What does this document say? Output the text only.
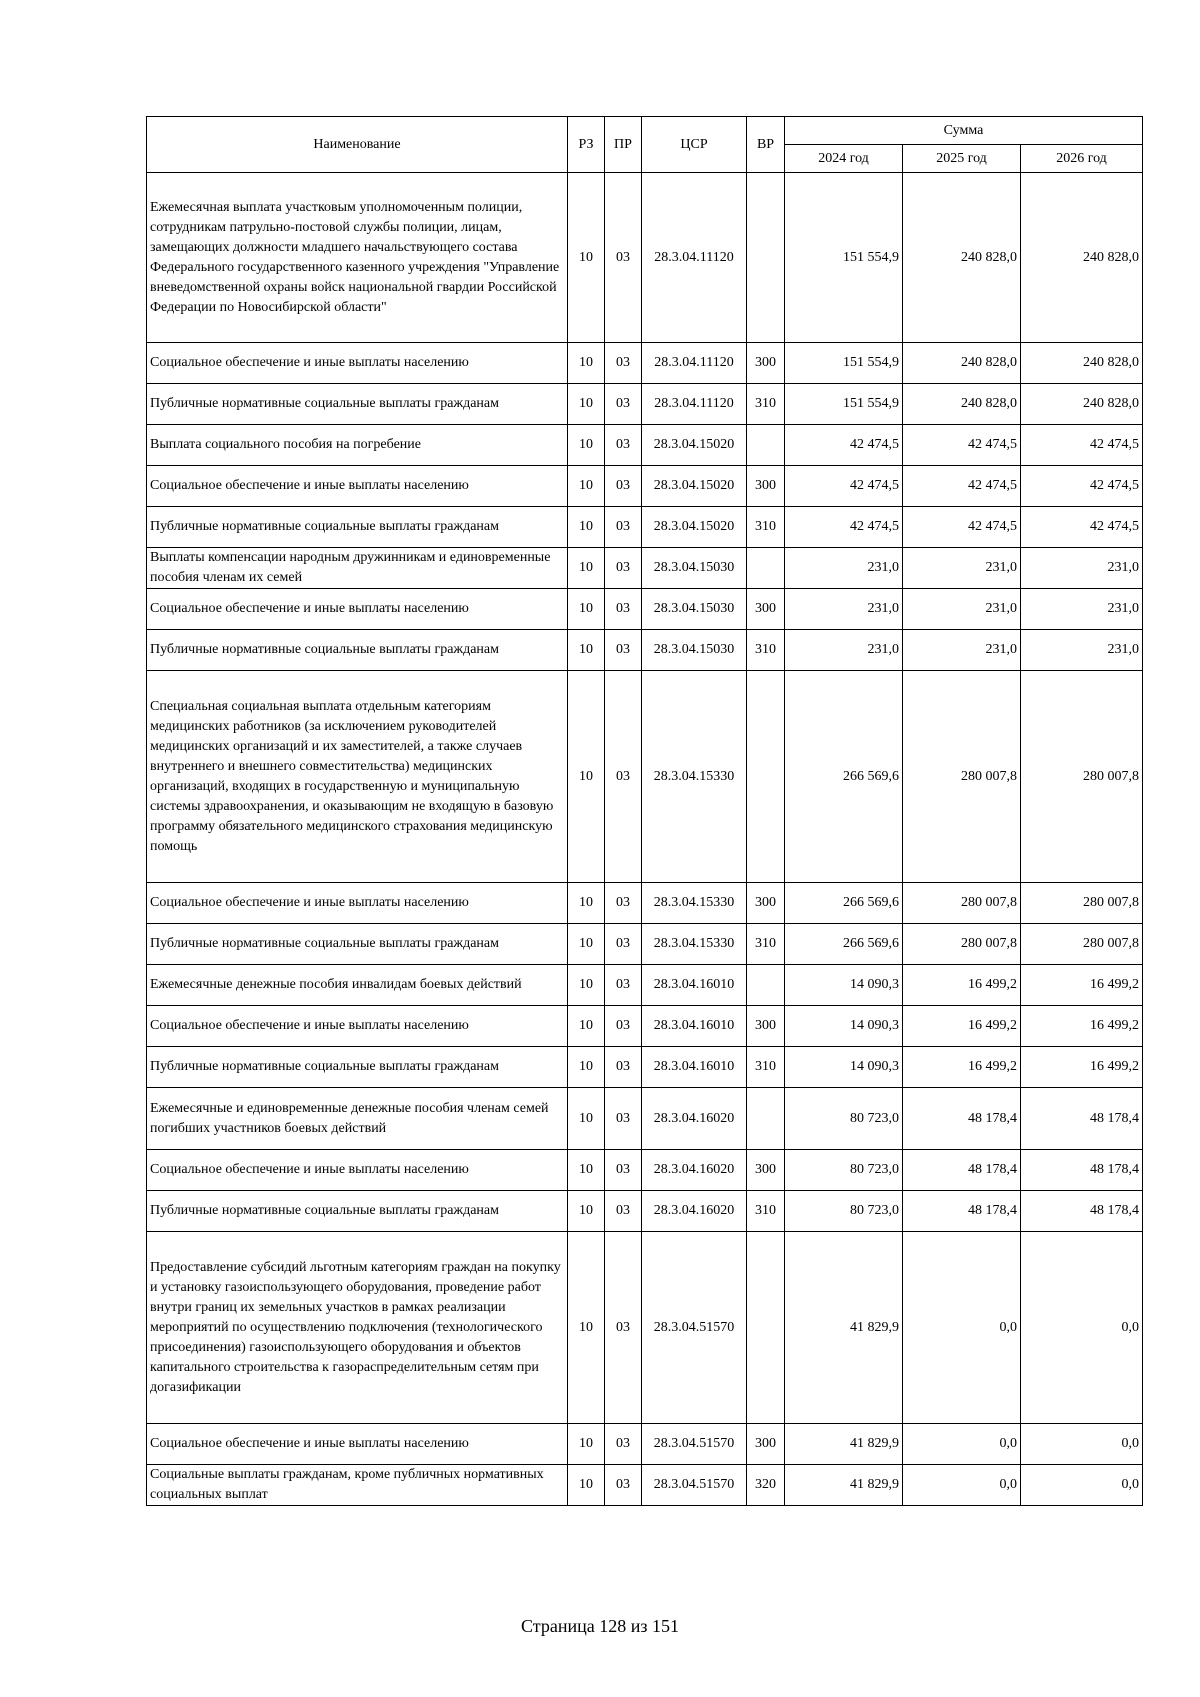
Наименование	РЗ	ПР	ЦСР	ВР	Сумма		
					2024 год	2025 год	2026 год
Ежемесячная выплата участковым уполномоченным полиции, сотрудникам патрульно-постовой службы полиции, лицам, замещающих должности младшего начальствующего состава Федерального государственного казенного учреждения "Управление вневедомственной охраны войск национальной гвардии Российской Федерации по Новосибирской области"	10	03	28.3.04.11120		151 554,9	240 828,0	240 828,0
Социальное обеспечение и иные выплаты населению	10	03	28.3.04.11120	300	151 554,9	240 828,0	240 828,0
Публичные нормативные социальные выплаты гражданам	10	03	28.3.04.11120	310	151 554,9	240 828,0	240 828,0
Выплата социального пособия на погребение	10	03	28.3.04.15020		42 474,5	42 474,5	42 474,5
Социальное обеспечение и иные выплаты населению	10	03	28.3.04.15020	300	42 474,5	42 474,5	42 474,5
Публичные нормативные социальные выплаты гражданам	10	03	28.3.04.15020	310	42 474,5	42 474,5	42 474,5
Выплаты компенсации народным дружинникам и единовременные пособия членам их семей	10	03	28.3.04.15030		231,0	231,0	231,0
Социальное обеспечение и иные выплаты населению	10	03	28.3.04.15030	300	231,0	231,0	231,0
Публичные нормативные социальные выплаты гражданам	10	03	28.3.04.15030	310	231,0	231,0	231,0
Специальная социальная выплата отдельным категориям медицинских работников (за исключением руководителей медицинских организаций и их заместителей, а также случаев внутреннего и внешнего совместительства) медицинских организаций, входящих в государственную и муниципальную системы здравоохранения, и оказывающим не входящую в базовую программу обязательного медицинского страхования медицинскую помощь	10	03	28.3.04.15330		266 569,6	280 007,8	280 007,8
Социальное обеспечение и иные выплаты населению	10	03	28.3.04.15330	300	266 569,6	280 007,8	280 007,8
Публичные нормативные социальные выплаты гражданам	10	03	28.3.04.15330	310	266 569,6	280 007,8	280 007,8
Ежемесячные денежные пособия инвалидам боевых действий	10	03	28.3.04.16010		14 090,3	16 499,2	16 499,2
Социальное обеспечение и иные выплаты населению	10	03	28.3.04.16010	300	14 090,3	16 499,2	16 499,2
Публичные нормативные социальные выплаты гражданам	10	03	28.3.04.16010	310	14 090,3	16 499,2	16 499,2
Ежемесячные и единовременные денежные пособия членам семей погибших участников боевых действий	10	03	28.3.04.16020		80 723,0	48 178,4	48 178,4
Социальное обеспечение и иные выплаты населению	10	03	28.3.04.16020	300	80 723,0	48 178,4	48 178,4
Публичные нормативные социальные выплаты гражданам	10	03	28.3.04.16020	310	80 723,0	48 178,4	48 178,4
Предоставление субсидий льготным категориям граждан на покупку и установку газоиспользующего оборудования, проведение работ внутри границ их земельных участков в рамках реализации мероприятий по осуществлению подключения (технологического присоединения) газоиспользующего оборудования и объектов капитального строительства к газораспределительным сетям при догазификации	10	03	28.3.04.51570		41 829,9	0,0	0,0
Социальное обеспечение и иные выплаты населению	10	03	28.3.04.51570	300	41 829,9	0,0	0,0
Социальные выплаты гражданам, кроме публичных нормативных социальных выплат	10	03	28.3.04.51570	320	41 829,9	0,0	0,0
Страница 128 из 151
